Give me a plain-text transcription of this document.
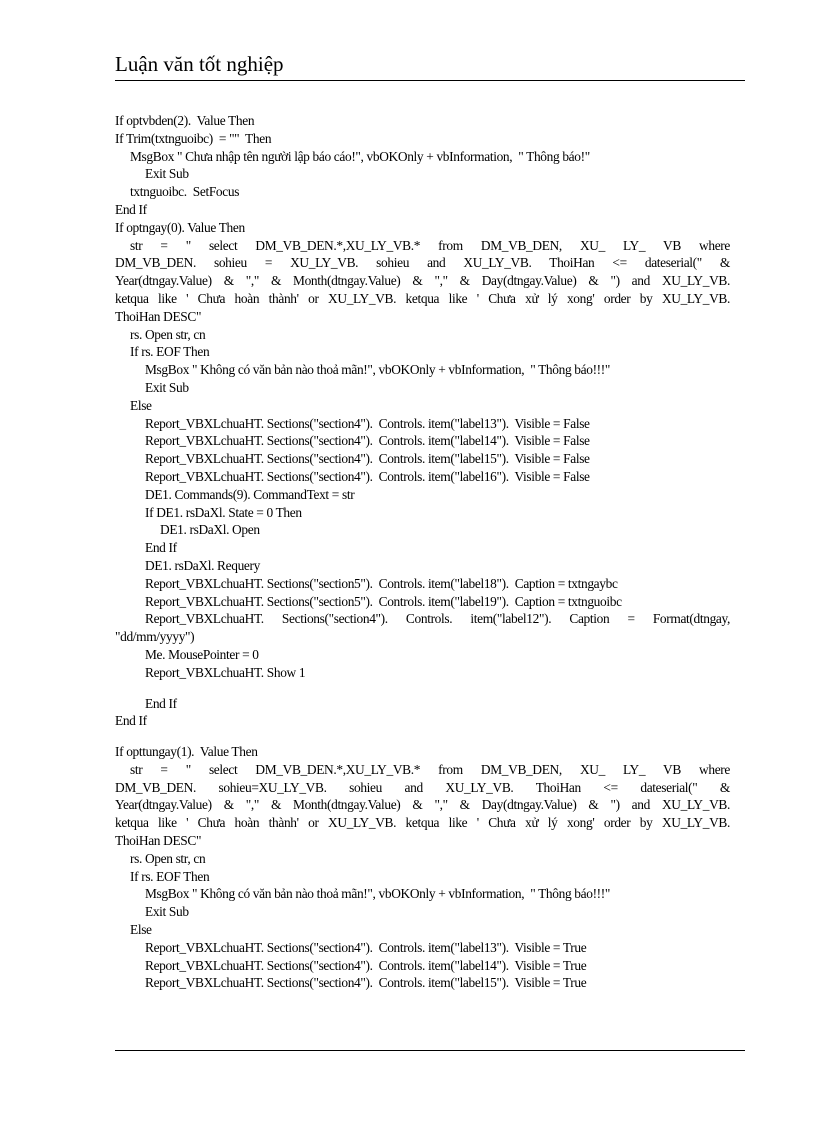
Luận văn tốt nghiệp
If optvbden(2).  Value Then
If Trim(txtnguoibc)  = ""  Then
MsgBox " Chưa nhập tên người lập báo cáo!", vbOKOnly + vbInformation,  " Thông báo!"
Exit Sub
txtnguoibc.  SetFocus
End If
If optngay(0). Value Then
str = " select DM_VB_DEN.*,XU_LY_VB.* from DM_VB_DEN, XU_ LY_ VB where
DM_VB_DEN. sohieu = XU_LY_VB. sohieu and XU_LY_VB. ThoiHan <= dateserial(" &
Year(dtngay.Value) & "," & Month(dtngay.Value) & "," & Day(dtngay.Value) & ") and XU_LY_VB.
ketqua like ' Chưa hoàn thành' or XU_LY_VB. ketqua like ' Chưa xử lý xong' order by XU_LY_VB.
ThoiHan DESC"
rs. Open str, cn
If rs. EOF Then
MsgBox " Không có văn bản nào thoả mãn!", vbOKOnly + vbInformation,  " Thông báo!!!"
Exit Sub
Else
Report_VBXLchuaHT. Sections("section4").  Controls. item("label13").  Visible = False
Report_VBXLchuaHT. Sections("section4").  Controls. item("label14").  Visible = False
Report_VBXLchuaHT. Sections("section4").  Controls. item("label15").  Visible = False
Report_VBXLchuaHT. Sections("section4").  Controls. item("label16").  Visible = False
DE1. Commands(9). CommandText = str
If DE1. rsDaXl. State = 0 Then
DE1. rsDaXl. Open
End If
DE1. rsDaXl. Requery
Report_VBXLchuaHT. Sections("section5").  Controls. item("label18").  Caption = txtngaybc
Report_VBXLchuaHT. Sections("section5").  Controls. item("label19").  Caption = txtnguoibc
Report_VBXLchuaHT. Sections("section4"). Controls. item("label12"). Caption = Format(dtngay,
"dd/mm/yyyy")
Me. MousePointer = 0
Report_VBXLchuaHT. Show 1
End If
End If
If opttungay(1).  Value Then
str = " select DM_VB_DEN.*,XU_LY_VB.* from DM_VB_DEN, XU_ LY_ VB where
DM_VB_DEN. sohieu=XU_LY_VB. sohieu and XU_LY_VB. ThoiHan <= dateserial(" &
Year(dtngay.Value) & "," & Month(dtngay.Value) & "," & Day(dtngay.Value) & ") and XU_LY_VB.
ketqua like ' Chưa hoàn thành' or XU_LY_VB. ketqua like ' Chưa xử lý xong' order by XU_LY_VB.
ThoiHan DESC"
rs. Open str, cn
If rs. EOF Then
MsgBox " Không có văn bản nào thoả mãn!", vbOKOnly + vbInformation,  " Thông báo!!!"
Exit Sub
Else
Report_VBXLchuaHT. Sections("section4").  Controls. item("label13").  Visible = True
Report_VBXLchuaHT. Sections("section4").  Controls. item("label14").  Visible = True
Report_VBXLchuaHT. Sections("section4").  Controls. item("label15").  Visible = True
